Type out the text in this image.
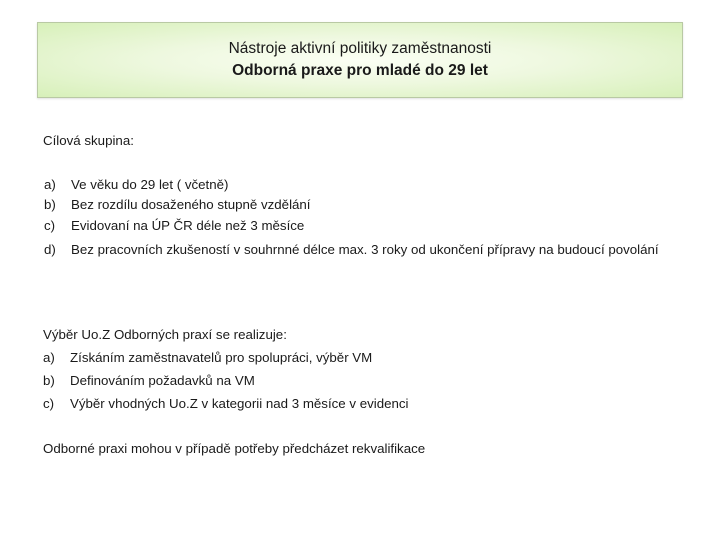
Nástroje aktivní politiky zaměstnanosti
Odborná praxe pro mladé do 29 let
Cílová skupina:
a)	Ve věku do 29 let ( včetně)
b)	Bez rozdílu dosaženého stupně vzdělání
c)	Evidovaní na ÚP ČR déle než 3 měsíce
d)	Bez pracovních zkušeností v souhrnné délce max. 3 roky od ukončení přípravy na budoucí povolání
Výběr Uo.Z Odborných praxí se realizuje:
a)	Získáním zaměstnavatelů pro spolupráci, výběr VM
b)	Definováním požadavků na VM
c)	Výběr vhodných Uo.Z v kategorii nad 3 měsíce v evidenci
Odborné praxi mohou v případě potřeby předcházet rekvalifikace
